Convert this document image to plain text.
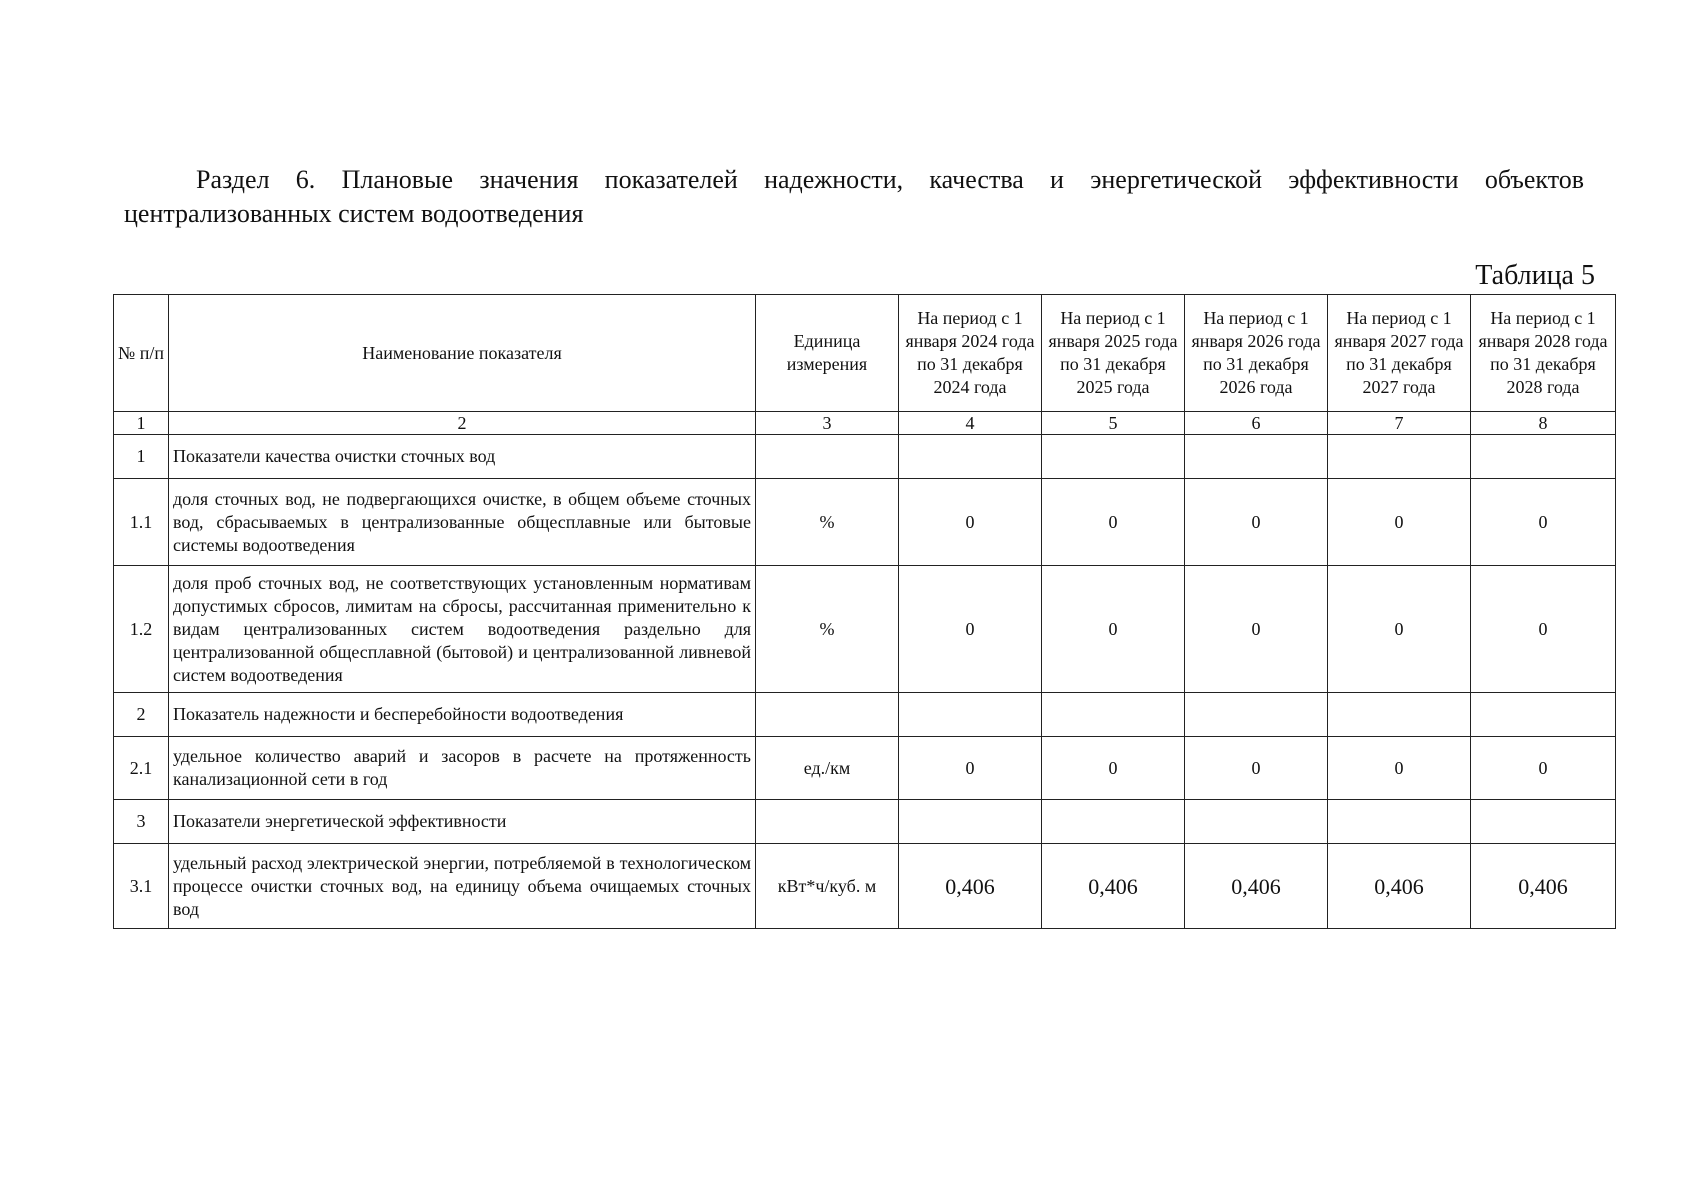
Раздел 6. Плановые значения показателей надежности, качества и энергетической эффективности объектов централизованных систем водоотведения

Таблица 5
№ п/п	Наименование показателя	Единица измерения	На период с 1 января 2024 года по 31 декабря 2024 года	На период с 1 января 2025 года по 31 декабря 2025 года	На период с 1 января 2026 года по 31 декабря 2026 года	На период с 1 января 2027 года по 31 декабря 2027 года	На период с 1 января 2028 года по 31 декабря 2028 года
1	2	3	4	5	6	7	8
1	Показатели качества очистки сточных вод						
1.1	доля сточных вод, не подвергающихся очистке, в общем объеме сточных вод, сбрасываемых в централизованные общесплавные или бытовые системы водоотведения	%	0	0	0	0	0
1.2	доля проб сточных вод, не соответствующих установленным нормативам допустимых сбросов, лимитам на сбросы, рассчитанная применительно к видам централизованных систем водоотведения раздельно для централизованной общесплавной (бытовой) и централизованной ливневой систем водоотведения	%	0	0	0	0	0
2	Показатель надежности и бесперебойности водоотведения						
2.1	удельное количество аварий и засоров в расчете на протяженность канализационной сети в год	ед./км	0	0	0	0	0
3	Показатели энергетической эффективности						
3.1	удельный расход электрической энергии, потребляемой в технологическом процессе очистки сточных вод, на единицу объема очищаемых сточных вод	кВт*ч/куб. м	0,406	0,406	0,406	0,406	0,406
